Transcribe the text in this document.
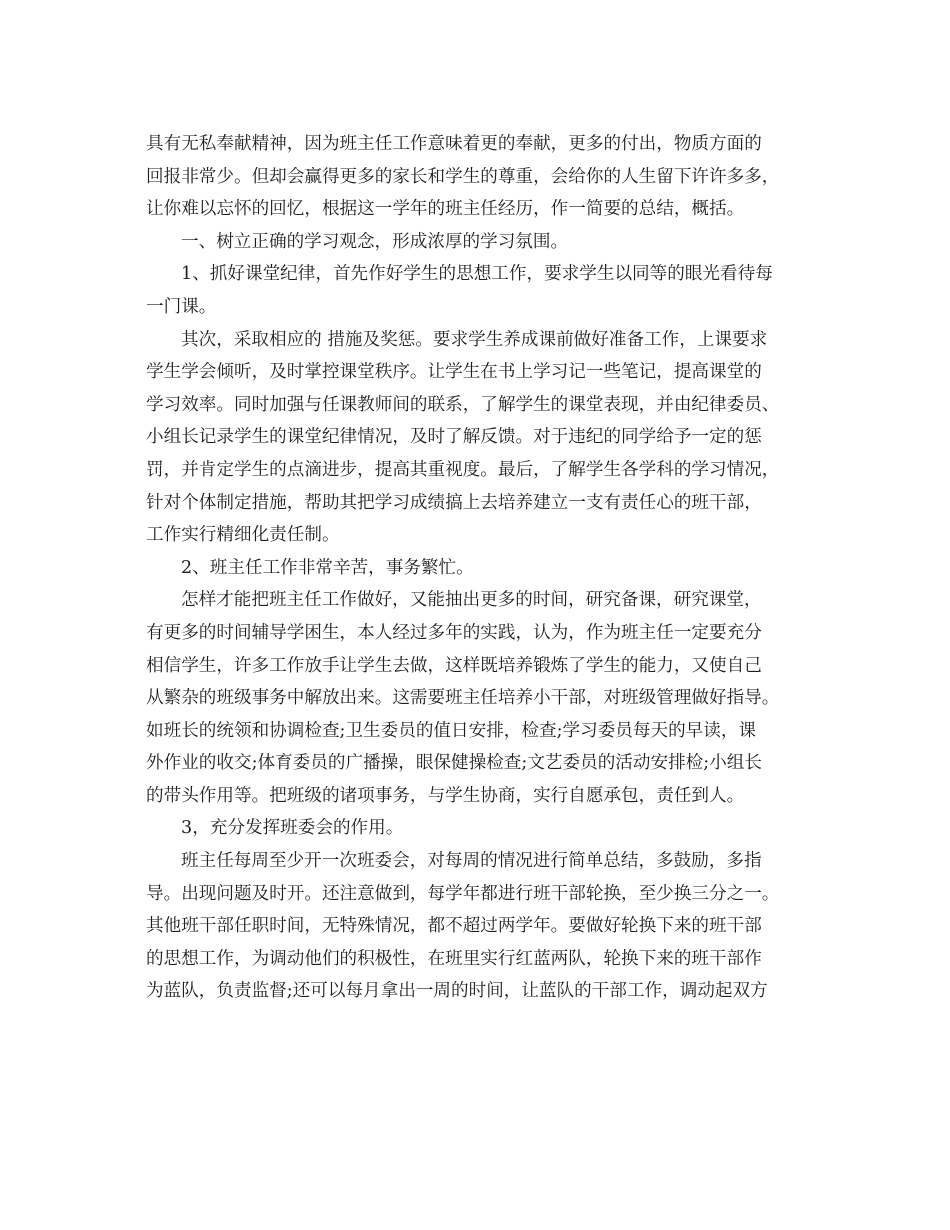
具有无私奉献精神，因为班主任工作意味着更的奉献，更多的付出，物质方面的
回报非常少。但却会赢得更多的家长和学生的尊重，会给你的人生留下许许多多，
让你难以忘怀的回忆，根据这一学年的班主任经历，作一简要的总结，概括。
一、树立正确的学习观念，形成浓厚的学习氛围。
1、抓好课堂纪律，首先作好学生的思想工作，要求学生以同等的眼光看待每
一门课。
其次，采取相应的 措施及奖惩。要求学生养成课前做好准备工作，上课要求
学生学会倾听，及时掌控课堂秩序。让学生在书上学习记一些笔记，提高课堂的
学习效率。同时加强与任课教师间的联系，了解学生的课堂表现，并由纪律委员、
小组长记录学生的课堂纪律情况，及时了解反馈。对于违纪的同学给予一定的惩
罚，并肯定学生的点滴进步，提高其重视度。最后，了解学生各学科的学习情况，
针对个体制定措施，帮助其把学习成绩搞上去培养建立一支有责任心的班干部，
工作实行精细化责任制。
2、班主任工作非常辛苦，事务繁忙。
怎样才能把班主任工作做好，又能抽出更多的时间，研究备课，研究课堂，
有更多的时间辅导学困生，本人经过多年的实践，认为，作为班主任一定要充分
相信学生，许多工作放手让学生去做，这样既培养锻炼了学生的能力，又使自己
从繁杂的班级事务中解放出来。这需要班主任培养小干部，对班级管理做好指导。
如班长的统领和协调检查;卫生委员的值日安排，检查;学习委员每天的早读，课
外作业的收交;体育委员的广播操，眼保健操检查;文艺委员的活动安排检;小组长
的带头作用等。把班级的诸项事务，与学生协商，实行自愿承包，责任到人。
3，充分发挥班委会的作用。
班主任每周至少开一次班委会，对每周的情况进行简单总结，多鼓励，多指
导。出现问题及时开。还注意做到，每学年都进行班干部轮换，至少换三分之一。
其他班干部任职时间，无特殊情况，都不超过两学年。要做好轮换下来的班干部
的思想工作，为调动他们的积极性，在班里实行红蓝两队，轮换下来的班干部作
为蓝队，负责监督;还可以每月拿出一周的时间，让蓝队的干部工作，调动起双方
